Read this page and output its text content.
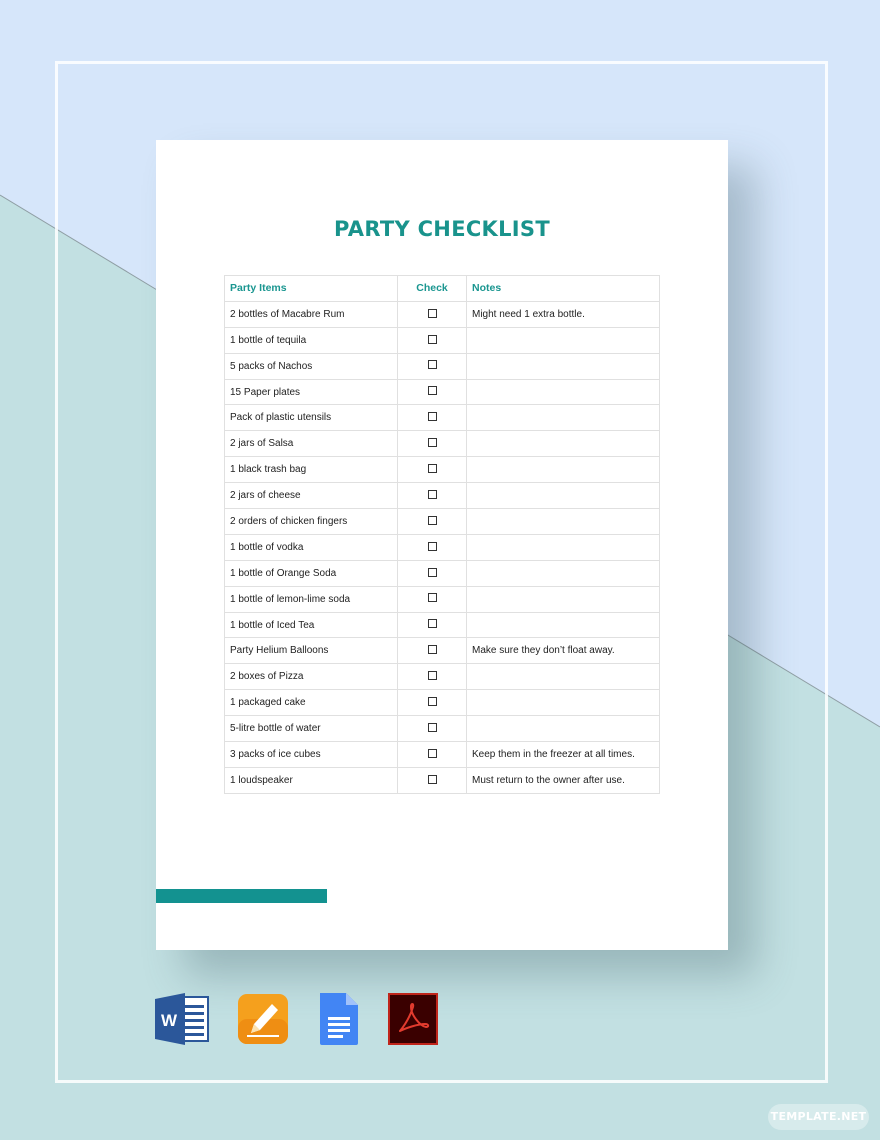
PARTY CHECKLIST
Party Items	Check	Notes
2 bottles of Macabre Rum		Might need 1 extra bottle.
1 bottle of tequila		
5 packs of Nachos		
15 Paper plates		
Pack of plastic utensils		
2 jars of Salsa		
1 black trash bag		
2 jars of cheese		
2 orders of chicken fingers		
1 bottle of vodka		
1 bottle of Orange Soda		
1 bottle of lemon-lime soda		
1 bottle of Iced Tea		
Party Helium Balloons		Make sure they don’t float away.
2 boxes of Pizza		
1 packaged cake		
5-litre bottle of water		
3 packs of ice cubes		Keep them in the freezer at all times.
1 loudspeaker		Must return to the owner after use.
W
TEMPLATE.NET
